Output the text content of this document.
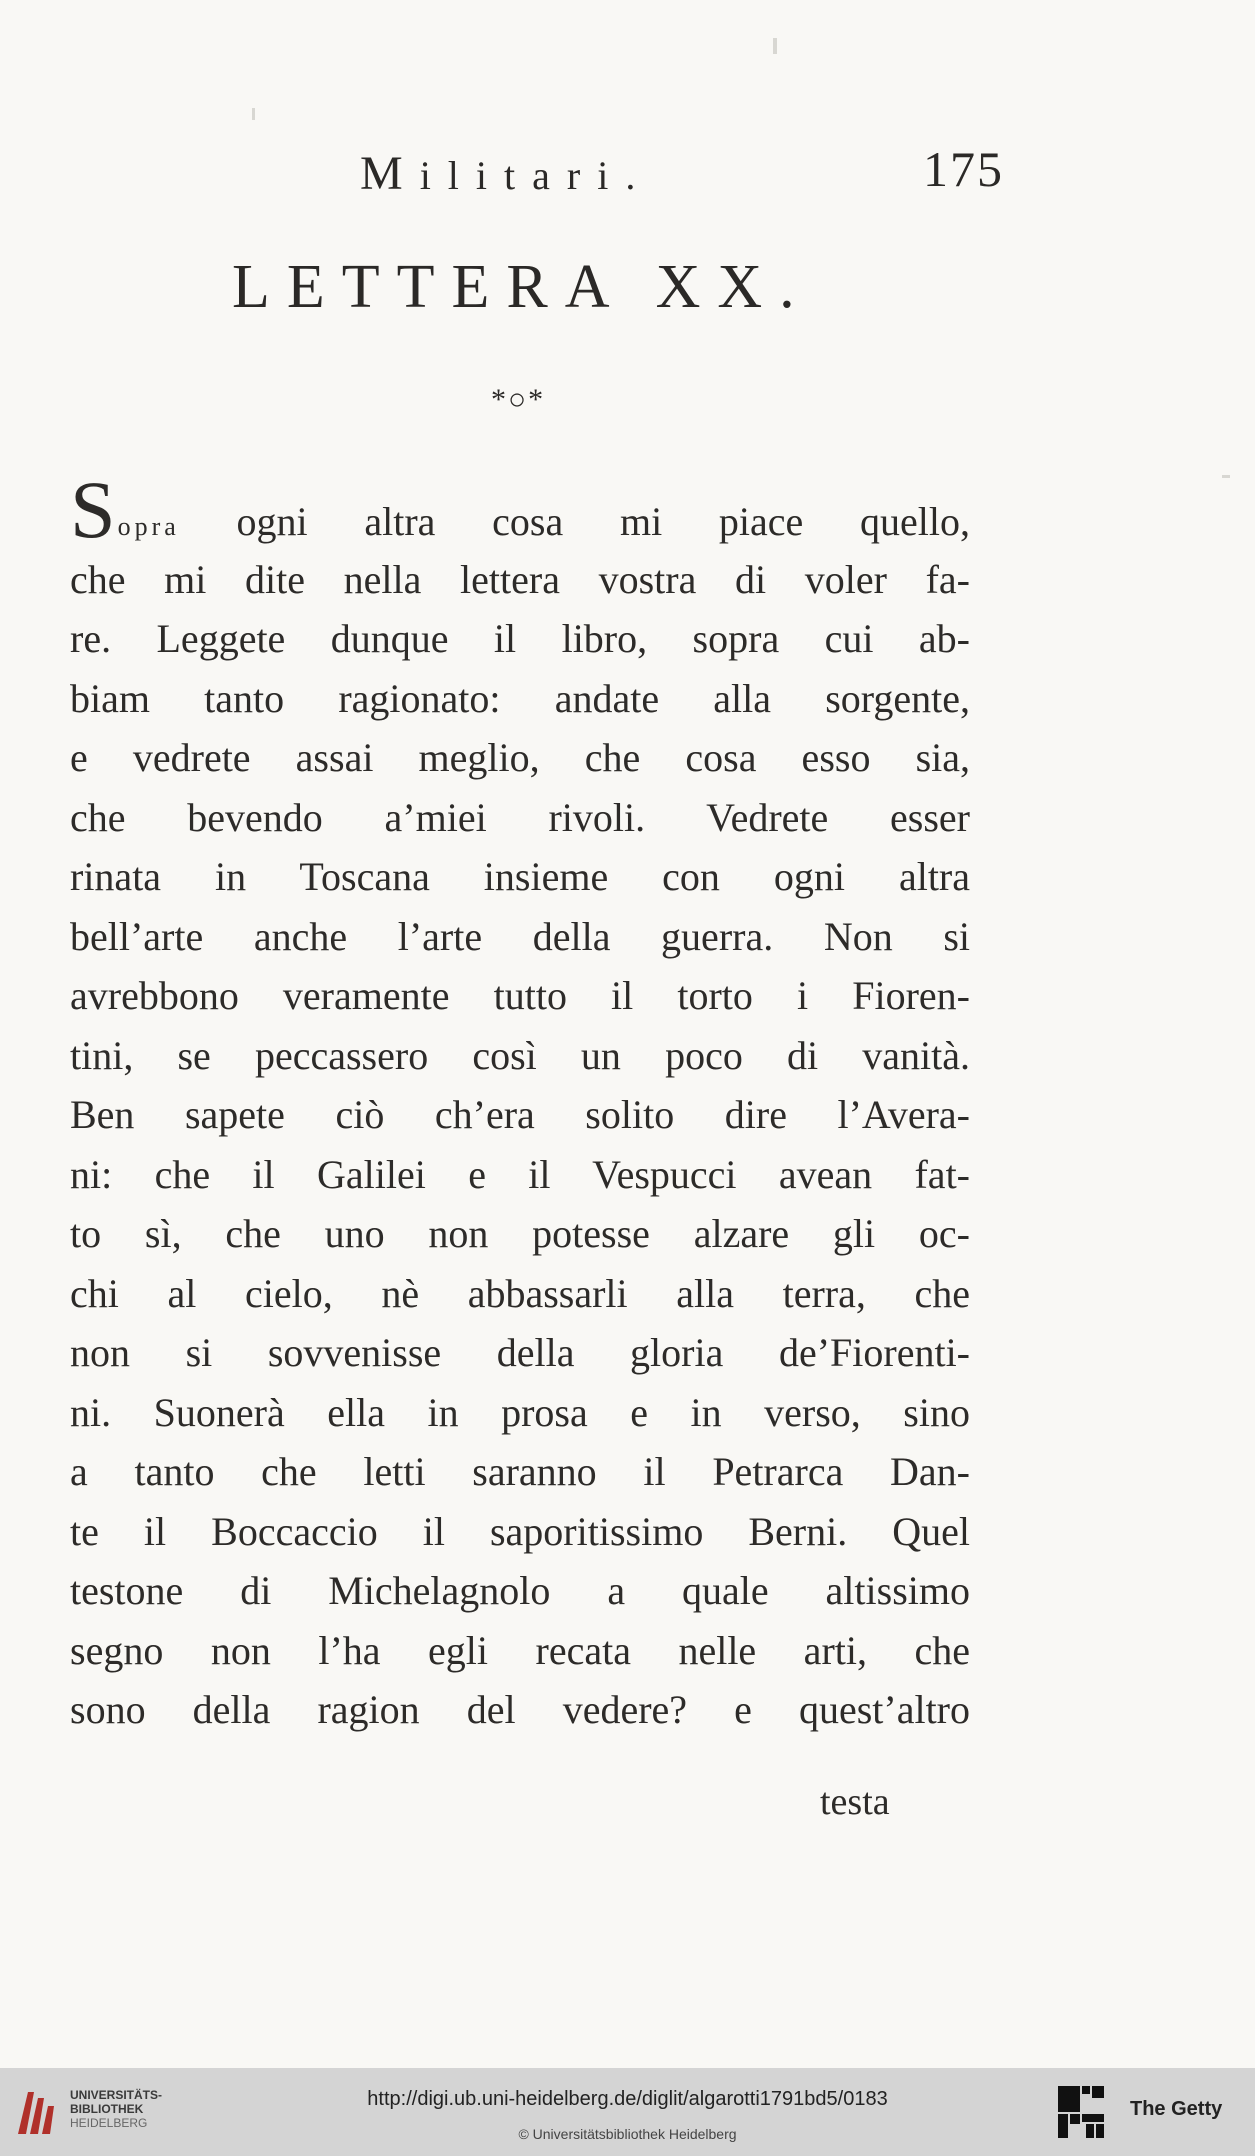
Militari.	175
LETTERA XX.
*○*
Sopra ogni altra cosa mi piace quello,
che mi dite nella lettera vostra di voler fa-
re. Leggete dunque il libro, sopra cui ab-
biam tanto ragionato: andate alla sorgente,
e vedrete assai meglio, che cosa esso sia,
che bevendo a’miei rivoli. Vedrete esser
rinata in Toscana insieme con ogni altra
bell’arte anche l’arte della guerra. Non si
avrebbono veramente tutto il torto i Fioren-
tini, se peccassero così un poco di vanità.
Ben sapete ciò ch’era solito dire l’Avera-
ni: che il Galilei e il Vespucci avean fat-
to sì, che uno non potesse alzare gli oc-
chi al cielo, nè abbassarli alla terra, che
non si sovvenisse della gloria de’Fiorenti-
ni. Suonerà ella in prosa e in verso, sino
a tanto che letti saranno il Petrarca Dan-
te il Boccaccio il saporitissimo Berni. Quel
testone di Michelagnolo a quale altissimo
segno non l’ha egli recata nelle arti, che
sono della ragion del vedere? e quest’altro
testa
UNIVERSITÄTS-
BIBLIOTHEK
HEIDELBERG
http://digi.ub.uni-heidelberg.de/diglit/algarotti1791bd5/0183
© Universitätsbibliothek Heidelberg
The Getty
